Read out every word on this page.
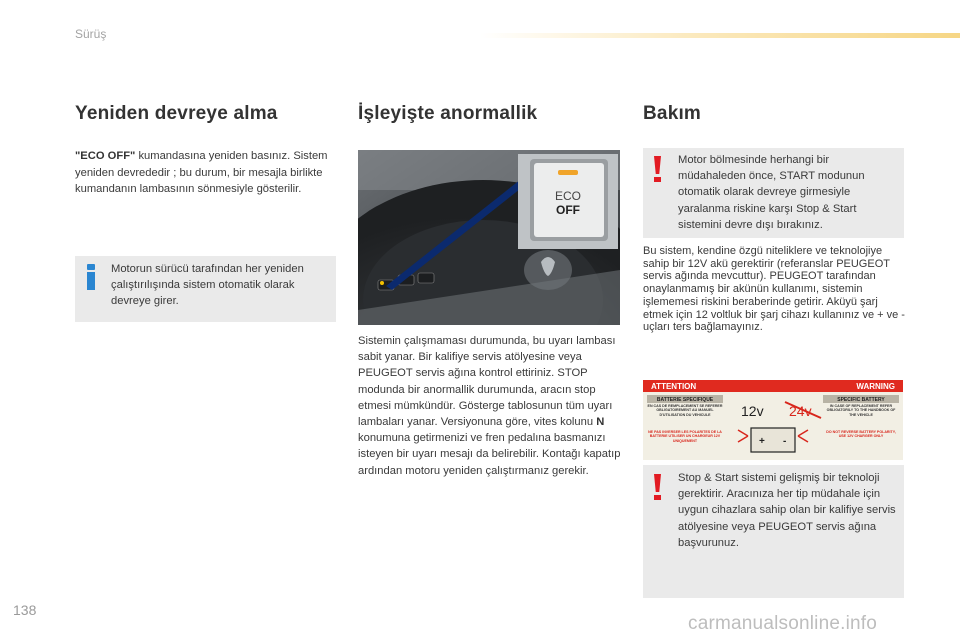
Sürüş
Yeniden devreye alma
"ECO OFF" kumandasına yeniden basınız. Sistem yeniden devrededir ; bu durum, bir mesajla birlikte kumandanın lambasının sönmesiyle gösterilir.
Motorun sürücü tarafından her yeniden çalıştırılışında sistem otomatik olarak devreye girer.
İşleyişte anormallik
ECO
OFF
Sistemin çalışmaması durumunda, bu uyarı lambası sabit yanar. Bir kalifiye servis atölyesine veya PEUGEOT servis ağına kontrol ettiriniz. STOP modunda bir anormallik durumunda, aracın stop etmesi mümkündür. Gösterge tablosunun tüm uyarı lambaları yanar. Versiyonuna göre, vites kolunu N konumuna getirmenizi ve fren pedalına basmanızı isteyen bir uyarı mesajı da belirebilir. Kontağı kapatıp ardından motoru yeniden çalıştırmanız gerekir.
Bakım
Motor bölmesinde herhangi bir müdahaleden önce, START modunun otomatik olarak devreye girmesiyle yaralanma riskine karşı Stop & Start sistemini devre dışı bırakınız.
Bu sistem, kendine özgü niteliklere ve teknolojiye sahip bir 12V akü gerektirir (referanslar PEUGEOT servis ağında mevcuttur). PEUGEOT tarafından onaylanmamış bir akünün kullanımı, sistemin işlememesi riskini beraberinde getirir. Aküyü şarj etmek için 12 voltluk bir şarj cihazı kullanınız ve + ve - uçları ters bağlamayınız.
ATTENTION	WARNING
BATTERIE SPECIFIQUE
EN CAS DE REMPLACEMENT SE REFERER OBLIGATOIREMENT AU MANUEL D'UTILISATION DU VEHICULE
NE PAS INVERSER LES POLARITES DE LA BATTERIE UTILISER UN CHARGEUR 12V UNIQUEMENT
12v 24v
+ -
SPECIFIC BATTERY
IN CASE OF REPLACEMENT REFER OBLIGATORILY TO THE HANDBOOK OF THE VEHICLE
DO NOT REVERSE BATTERY POLARITY, USE 12V CHARGER ONLY
Stop & Start sistemi gelişmiş bir teknoloji gerektirir. Aracınıza her tip müdahale için uygun cihazlara sahip olan bir kalifiye servis atölyesine veya PEUGEOT servis ağına başvurunuz.
138
carmanualsonline.info
